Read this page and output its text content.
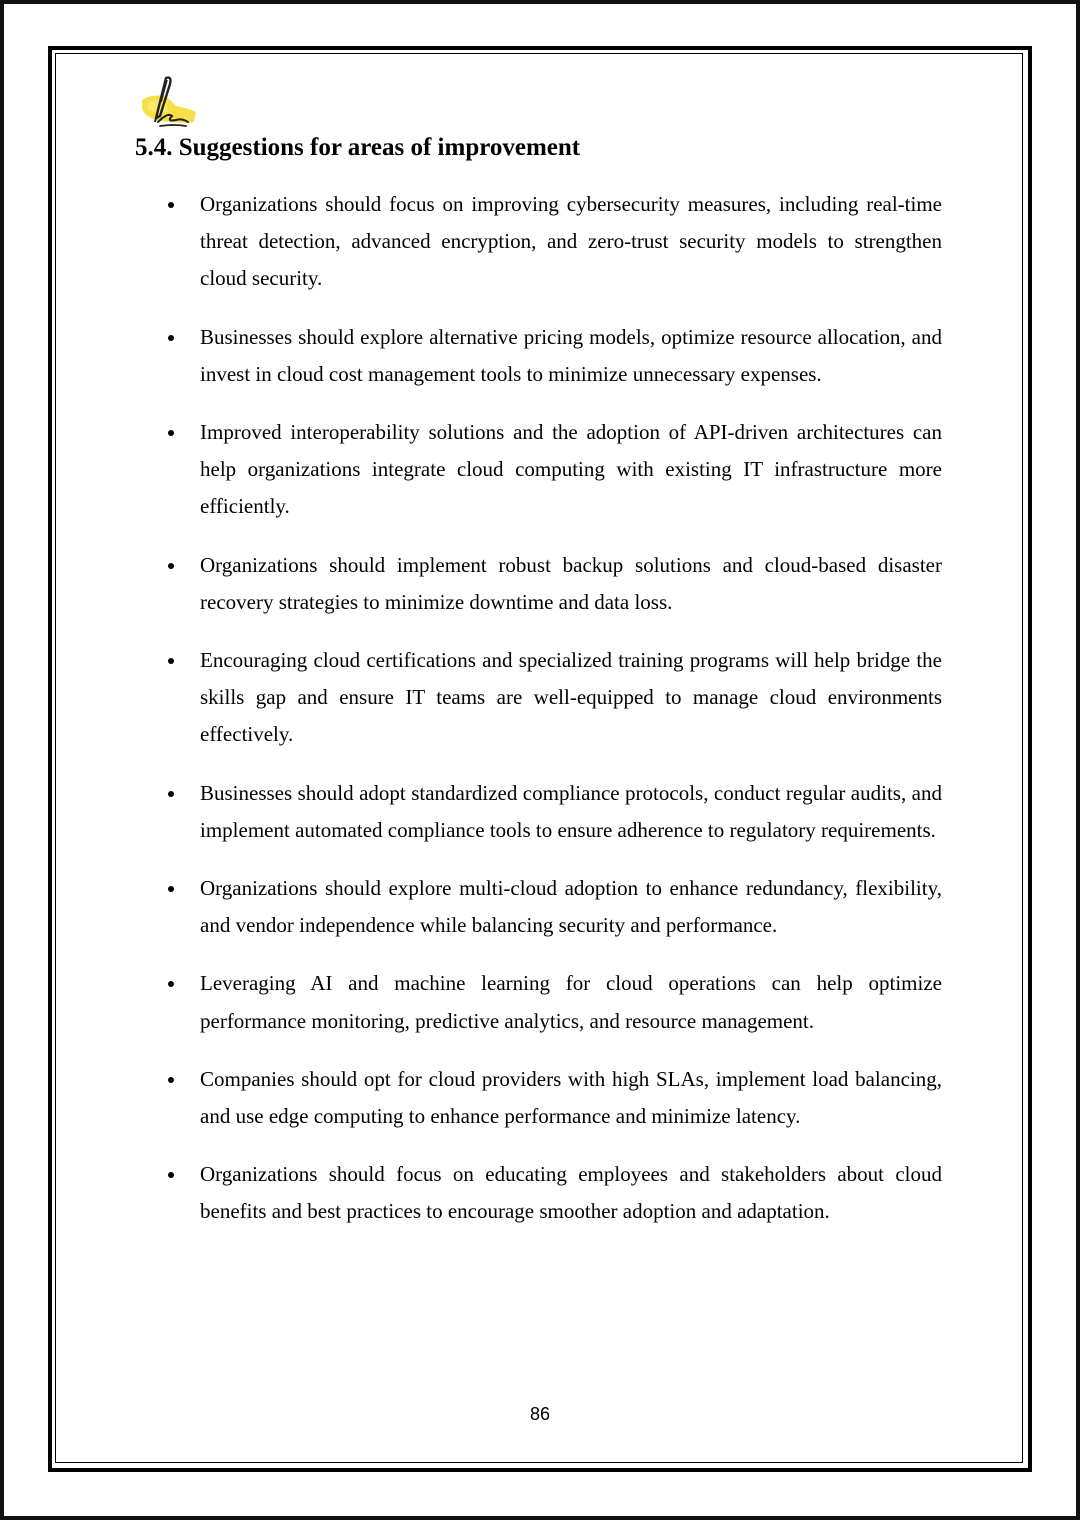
5.4. Suggestions for areas of improvement
Organizations should focus on improving cybersecurity measures, including real-time threat detection, advanced encryption, and zero-trust security models to strengthen cloud security.
Businesses should explore alternative pricing models, optimize resource allocation, and invest in cloud cost management tools to minimize unnecessary expenses.
Improved interoperability solutions and the adoption of API-driven architectures can help organizations integrate cloud computing with existing IT infrastructure more efficiently.
Organizations should implement robust backup solutions and cloud-based disaster recovery strategies to minimize downtime and data loss.
Encouraging cloud certifications and specialized training programs will help bridge the skills gap and ensure IT teams are well-equipped to manage cloud environments effectively.
Businesses should adopt standardized compliance protocols, conduct regular audits, and implement automated compliance tools to ensure adherence to regulatory requirements.
Organizations should explore multi-cloud adoption to enhance redundancy, flexibility, and vendor independence while balancing security and performance.
Leveraging AI and machine learning for cloud operations can help optimize performance monitoring, predictive analytics, and resource management.
Companies should opt for cloud providers with high SLAs, implement load balancing, and use edge computing to enhance performance and minimize latency.
Organizations should focus on educating employees and stakeholders about cloud benefits and best practices to encourage smoother adoption and adaptation.
86
